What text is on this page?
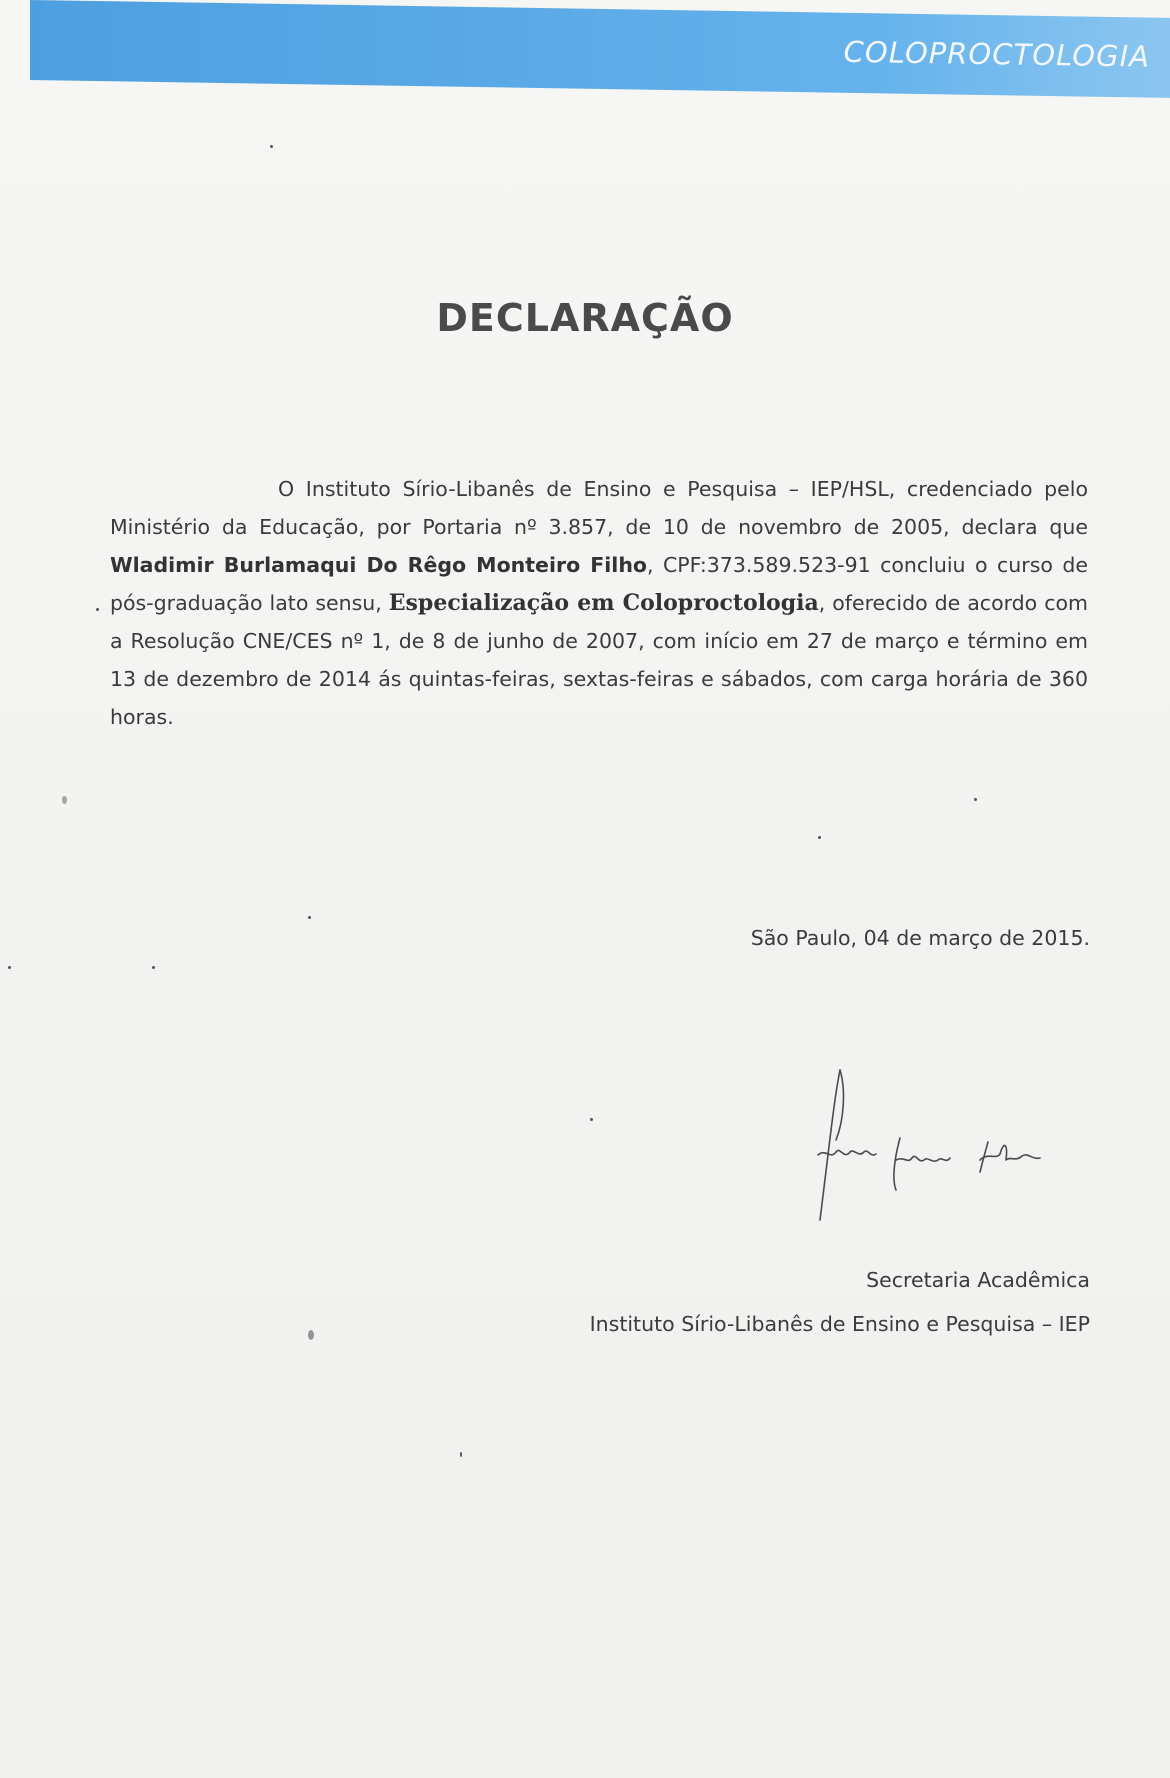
COLOPROCTOLOGIA
DECLARAÇÃO
O Instituto Sírio-Libanês de Ensino e Pesquisa – IEP/HSL, credenciado pelo Ministério da Educação, por Portaria nº 3.857, de 10 de novembro de 2005, declara que Wladimir Burlamaqui Do Rêgo Monteiro Filho, CPF:373.589.523-91 concluiu o curso de pós-graduação lato sensu, Especialização em Coloproctologia, oferecido de acordo com a Resolução CNE/CES nº 1, de 8 de junho de 2007, com início em 27 de março e término em 13 de dezembro de 2014 ás quintas-feiras, sextas-feiras e sábados, com carga horária de 360 horas.
São Paulo, 04 de março de 2015.
Secretaria Acadêmica
Instituto Sírio-Libanês de Ensino e Pesquisa – IEP
